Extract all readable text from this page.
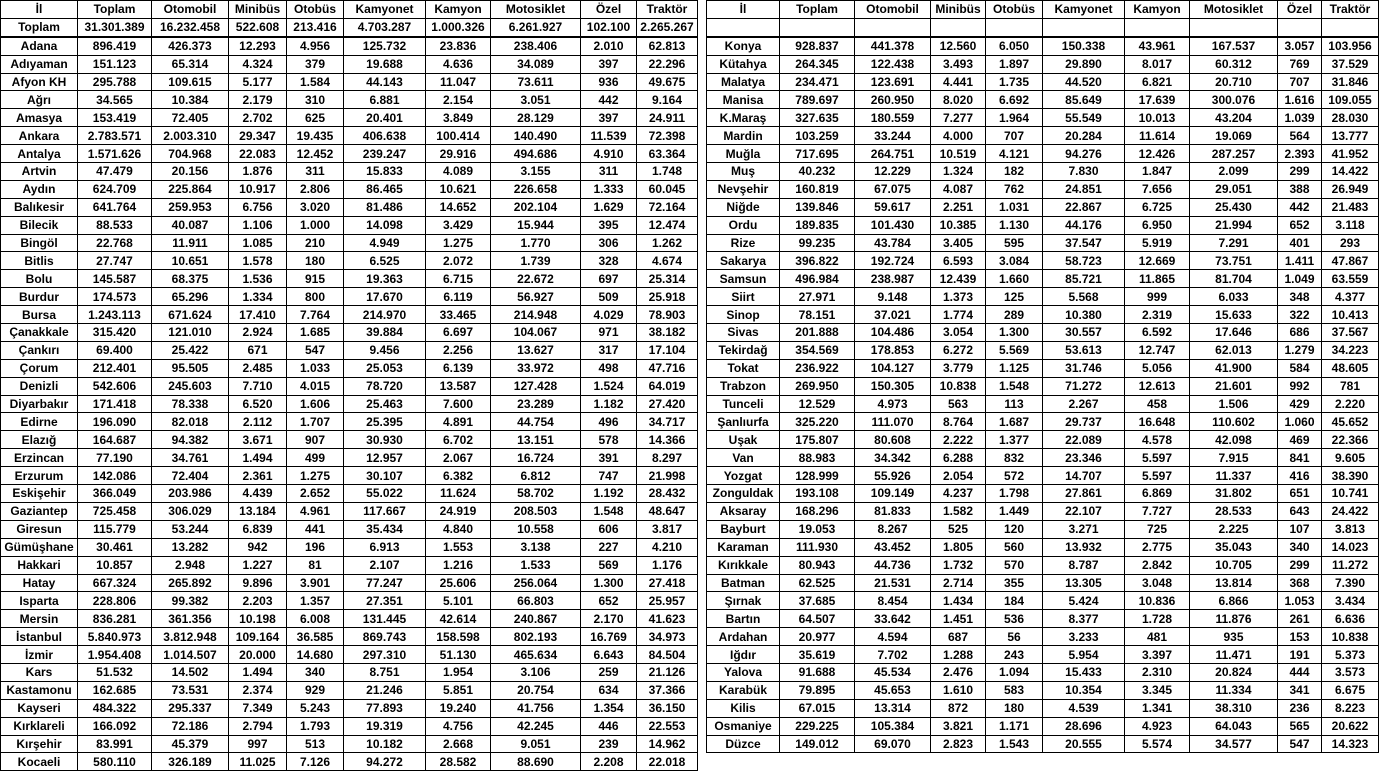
İl	Toplam	Otomobil	Minibüs	Otobüs	Kamyonet	Kamyon	Motosiklet	Özel	Traktör
Toplam	31.301.389	16.232.458	522.608	213.416	4.703.287	1.000.326	6.261.927	102.100	2.265.267
Adana	896.419	426.373	12.293	4.956	125.732	23.836	238.406	2.010	62.813
Adıyaman	151.123	65.314	4.324	379	19.688	4.636	34.089	397	22.296
Afyon KH	295.788	109.615	5.177	1.584	44.143	11.047	73.611	936	49.675
Ağrı	34.565	10.384	2.179	310	6.881	2.154	3.051	442	9.164
Amasya	153.419	72.405	2.702	625	20.401	3.849	28.129	397	24.911
Ankara	2.783.571	2.003.310	29.347	19.435	406.638	100.414	140.490	11.539	72.398
Antalya	1.571.626	704.968	22.083	12.452	239.247	29.916	494.686	4.910	63.364
Artvin	47.479	20.156	1.876	311	15.833	4.089	3.155	311	1.748
Aydın	624.709	225.864	10.917	2.806	86.465	10.621	226.658	1.333	60.045
Balıkesir	641.764	259.953	6.756	3.020	81.486	14.652	202.104	1.629	72.164
Bilecik	88.533	40.087	1.106	1.000	14.098	3.429	15.944	395	12.474
Bingöl	22.768	11.911	1.085	210	4.949	1.275	1.770	306	1.262
Bitlis	27.747	10.651	1.578	180	6.525	2.072	1.739	328	4.674
Bolu	145.587	68.375	1.536	915	19.363	6.715	22.672	697	25.314
Burdur	174.573	65.296	1.334	800	17.670	6.119	56.927	509	25.918
Bursa	1.243.113	671.624	17.410	7.764	214.970	33.465	214.948	4.029	78.903
Çanakkale	315.420	121.010	2.924	1.685	39.884	6.697	104.067	971	38.182
Çankırı	69.400	25.422	671	547	9.456	2.256	13.627	317	17.104
Çorum	212.401	95.505	2.485	1.033	25.053	6.139	33.972	498	47.716
Denizli	542.606	245.603	7.710	4.015	78.720	13.587	127.428	1.524	64.019
Diyarbakır	171.418	78.338	6.520	1.606	25.463	7.600	23.289	1.182	27.420
Edirne	196.090	82.018	2.112	1.707	25.395	4.891	44.754	496	34.717
Elazığ	164.687	94.382	3.671	907	30.930	6.702	13.151	578	14.366
Erzincan	77.190	34.761	1.494	499	12.957	2.067	16.724	391	8.297
Erzurum	142.086	72.404	2.361	1.275	30.107	6.382	6.812	747	21.998
Eskişehir	366.049	203.986	4.439	2.652	55.022	11.624	58.702	1.192	28.432
Gaziantep	725.458	306.029	13.184	4.961	117.667	24.919	208.503	1.548	48.647
Giresun	115.779	53.244	6.839	441	35.434	4.840	10.558	606	3.817
Gümüşhane	30.461	13.282	942	196	6.913	1.553	3.138	227	4.210
Hakkari	10.857	2.948	1.227	81	2.107	1.216	1.533	569	1.176
Hatay	667.324	265.892	9.896	3.901	77.247	25.606	256.064	1.300	27.418
Isparta	228.806	99.382	2.203	1.357	27.351	5.101	66.803	652	25.957
Mersin	836.281	361.356	10.198	6.008	131.445	42.614	240.867	2.170	41.623
İstanbul	5.840.973	3.812.948	109.164	36.585	869.743	158.598	802.193	16.769	34.973
İzmir	1.954.408	1.014.507	20.000	14.680	297.310	51.130	465.634	6.643	84.504
Kars	51.532	14.502	1.494	340	8.751	1.954	3.106	259	21.126
Kastamonu	162.685	73.531	2.374	929	21.246	5.851	20.754	634	37.366
Kayseri	484.322	295.337	7.349	5.243	77.893	19.240	41.756	1.354	36.150
Kırklareli	166.092	72.186	2.794	1.793	19.319	4.756	42.245	446	22.553
Kırşehir	83.991	45.379	997	513	10.182	2.668	9.051	239	14.962
Kocaeli	580.110	326.189	11.025	7.126	94.272	28.582	88.690	2.208	22.018
İl	Toplam	Otomobil	Minibüs	Otobüs	Kamyonet	Kamyon	Motosiklet	Özel	Traktör

Konya	928.837	441.378	12.560	6.050	150.338	43.961	167.537	3.057	103.956
Kütahya	264.345	122.438	3.493	1.897	29.890	8.017	60.312	769	37.529
Malatya	234.471	123.691	4.441	1.735	44.520	6.821	20.710	707	31.846
Manisa	789.697	260.950	8.020	6.692	85.649	17.639	300.076	1.616	109.055
K.Maraş	327.635	180.559	7.277	1.964	55.549	10.013	43.204	1.039	28.030
Mardin	103.259	33.244	4.000	707	20.284	11.614	19.069	564	13.777
Muğla	717.695	264.751	10.519	4.121	94.276	12.426	287.257	2.393	41.952
Muş	40.232	12.229	1.324	182	7.830	1.847	2.099	299	14.422
Nevşehir	160.819	67.075	4.087	762	24.851	7.656	29.051	388	26.949
Niğde	139.846	59.617	2.251	1.031	22.867	6.725	25.430	442	21.483
Ordu	189.835	101.430	10.385	1.130	44.176	6.950	21.994	652	3.118
Rize	99.235	43.784	3.405	595	37.547	5.919	7.291	401	293
Sakarya	396.822	192.724	6.593	3.084	58.723	12.669	73.751	1.411	47.867
Samsun	496.984	238.987	12.439	1.660	85.721	11.865	81.704	1.049	63.559
Siirt	27.971	9.148	1.373	125	5.568	999	6.033	348	4.377
Sinop	78.151	37.021	1.774	289	10.380	2.319	15.633	322	10.413
Sivas	201.888	104.486	3.054	1.300	30.557	6.592	17.646	686	37.567
Tekirdağ	354.569	178.853	6.272	5.569	53.613	12.747	62.013	1.279	34.223
Tokat	236.922	104.127	3.779	1.125	31.746	5.056	41.900	584	48.605
Trabzon	269.950	150.305	10.838	1.548	71.272	12.613	21.601	992	781
Tunceli	12.529	4.973	563	113	2.267	458	1.506	429	2.220
Şanlıurfa	325.220	111.070	8.764	1.687	29.737	16.648	110.602	1.060	45.652
Uşak	175.807	80.608	2.222	1.377	22.089	4.578	42.098	469	22.366
Van	88.983	34.342	6.288	832	23.346	5.597	7.915	841	9.605
Yozgat	128.999	55.926	2.054	572	14.707	5.597	11.337	416	38.390
Zonguldak	193.108	109.149	4.237	1.798	27.861	6.869	31.802	651	10.741
Aksaray	168.296	81.833	1.582	1.449	22.107	7.727	28.533	643	24.422
Bayburt	19.053	8.267	525	120	3.271	725	2.225	107	3.813
Karaman	111.930	43.452	1.805	560	13.932	2.775	35.043	340	14.023
Kırıkkale	80.943	44.736	1.732	570	8.787	2.842	10.705	299	11.272
Batman	62.525	21.531	2.714	355	13.305	3.048	13.814	368	7.390
Şırnak	37.685	8.454	1.434	184	5.424	10.836	6.866	1.053	3.434
Bartın	64.507	33.642	1.451	536	8.377	1.728	11.876	261	6.636
Ardahan	20.977	4.594	687	56	3.233	481	935	153	10.838
Iğdır	35.619	7.702	1.288	243	5.954	3.397	11.471	191	5.373
Yalova	91.688	45.534	2.476	1.094	15.433	2.310	20.824	444	3.573
Karabük	79.895	45.653	1.610	583	10.354	3.345	11.334	341	6.675
Kilis	67.015	13.314	872	180	4.539	1.341	38.310	236	8.223
Osmaniye	229.225	105.384	3.821	1.171	28.696	4.923	64.043	565	20.622
Düzce	149.012	69.070	2.823	1.543	20.555	5.574	34.577	547	14.323
